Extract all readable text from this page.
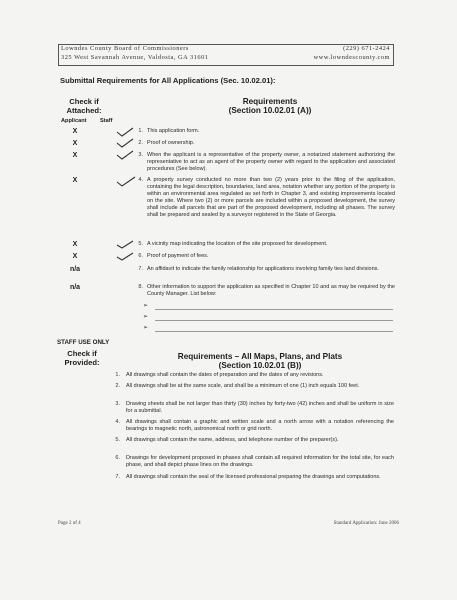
Lowndes County Board of Commissioners
325 West Savannah Avenue, Valdosta, GA 31601
(229) 671-2424
www.lowndescounty.com
Submittal Requirements for All Applications (Sec. 10.02.01):
Check if
Attached:
Requirements
(Section 10.02.01 (A))
Applicant Staff
X	1. This application form.
X	2. Proof of ownership.
X	3. When the applicant is a representative of the property owner, a notarized statement authorizing the representative to act as an agent of the property owner with regard to the application and associated procedures (See below).
X	4. A property survey conducted no more than two (2) years prior to the filing of the application, containing the legal description, boundaries, land area, notation whether any portion of the property is within an environmental area regulated as set forth in Chapter 3, and existing improvements located on the site. Where two (2) or more parcels are included within a proposed development, the survey shall include all parcels that are part of the proposed development, including all phases. The survey shall be prepared and sealed by a surveyor registered in the State of Georgia.
X	5. A vicinity map indicating the location of the site proposed for development.
X	6. Proof of payment of fees.
n/a	7. An affidavit to indicate the family relationship for applications involving family ties land divisions.
n/a	8. Other information to support the application as specified in Chapter 10 and as may be required by the County Manager. List below:
➢
➢
➢
STAFF USE ONLY
Check if
Provided:
Requirements – All Maps, Plans, and Plats
(Section 10.02.01 (B))
1. All drawings shall contain the dates of preparation and the dates of any revisions.
2. All drawings shall be at the same scale, and shall be a minimum of one (1) inch equals 100 feet.
3. Drawing sheets shall be not larger than thirty (30) inches by forty-two (42) inches and shall be uniform in size for a submittal.
4. All drawings shall contain a graphic and written scale and a north arrow with a notation referencing the bearings to magnetic north, astronomical north or grid north.
5. All drawings shall contain the name, address, and telephone number of the preparer(s).
6. Drawings for development proposed in phases shall contain all required information for the total site, for each phase, and shall depict phase lines on the drawings.
7. All drawings shall contain the seal of the licensed professional preparing the drawings and computations.
Page 2 of 4	Standard Application: June 2006
